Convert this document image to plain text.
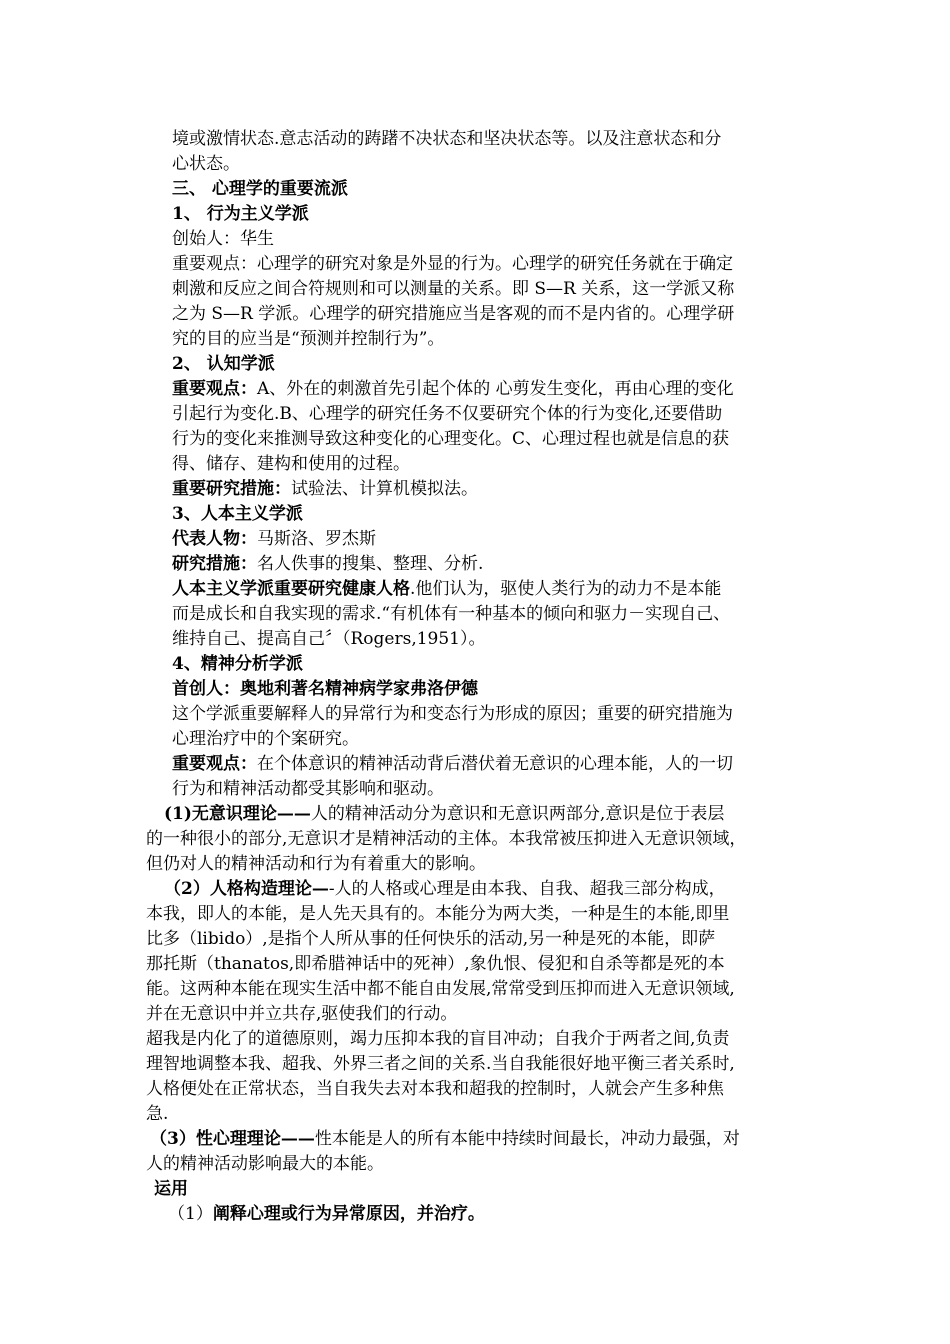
境或激情状态.意志活动的踌躇不决状态和坚决状态等。以及注意状态和分

心状态。

三、 心理学的重要流派

1、 行为主义学派

创始人：华生

重要观点：心理学的研究对象是外显的行为。心理学的研究任务就在于确定

刺激和反应之间合符规则和可以测量的关系。即 S—R 关系，这一学派又称

之为 S—R 学派。心理学的研究措施应当是客观的而不是内省的。心理学研

究的目的应当是“预测并控制行为”。

2、 认知学派

重要观点：A、外在的刺激首先引起个体的 心剪发生变化，再由心理的变化

引起行为变化.B、心理学的研究任务不仅要研究个体的行为变化,还要借助

行为的变化来推测导致这种变化的心理变化。C、心理过程也就是信息的获

得、储存、建构和使用的过程。

重要研究措施：试验法、计算机模拟法。

3、人本主义学派

代表人物：马斯洛、罗杰斯

研究措施：名人佚事的搜集、整理、分析.

人本主义学派重要研究健康人格.他们认为，驱使人类行为的动力不是本能

而是成长和自我实现的需求.“有机体有一种基本的倾向和驱力－实现自己、

维持自己、提高自己〞（Rogers,1951）。

4、精神分析学派

首创人：奥地利著名精神病学家弗洛伊德

这个学派重要解释人的异常行为和变态行为形成的原因；重要的研究措施为

心理治疗中的个案研究。

重要观点：在个体意识的精神活动背后潜伏着无意识的心理本能，人的一切

行为和精神活动都受其影响和驱动。

(1)无意识理论——人的精神活动分为意识和无意识两部分,意识是位于表层

的一种很小的部分,无意识才是精神活动的主体。本我常被压抑进入无意识领域，

但仍对人的精神活动和行为有着重大的影响。

（2）人格构造理论—-人的人格或心理是由本我、自我、超我三部分构成，

本我，即人的本能，是人先天具有的。本能分为两大类，一种是生的本能,即里

比多（libido）,是指个人所从事的任何快乐的活动,另一种是死的本能，即萨

那托斯（thanatos,即希腊神话中的死神）,象仇恨、侵犯和自杀等都是死的本

能。这两种本能在现实生活中都不能自由发展,常常受到压抑而进入无意识领域,

并在无意识中并立共存,驱使我们的行动。

超我是内化了的道德原则，竭力压抑本我的盲目冲动；自我介于两者之间,负责

理智地调整本我、超我、外界三者之间的关系.当自我能很好地平衡三者关系时,

人格便处在正常状态，当自我失去对本我和超我的控制时，人就会产生多种焦

急.

（3）性心理理论——性本能是人的所有本能中持续时间最长，冲动力最强，对

人的精神活动影响最大的本能。

运用

（1）阐释心理或行为异常原因，并治疗。
